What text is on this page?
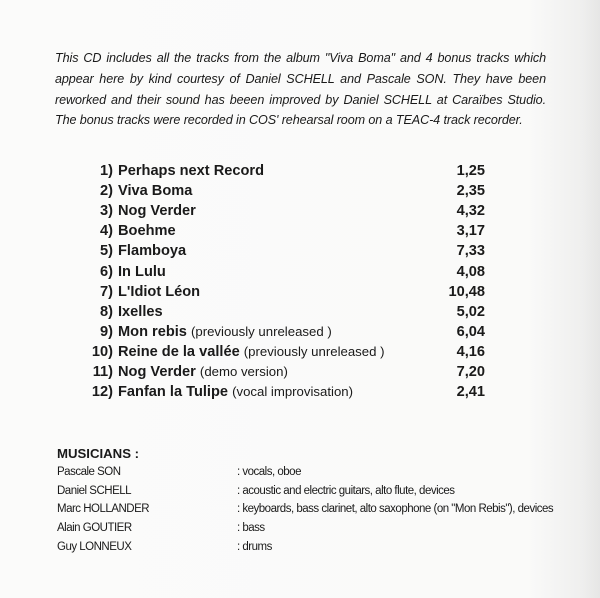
This CD includes all the tracks from the album "Viva Boma" and 4 bonus tracks which appear here by kind courtesy of Daniel SCHELL and Pascale SON. They have been reworked and their sound has beeen improved by Daniel SCHELL at Caraïbes Studio. The bonus tracks were recorded in COS' rehearsal room on a TEAC-4 track recorder.

1) Perhaps next Record	1,25
2) Viva Boma	2,35
3) Nog Verder	4,32
4) Boehme	3,17
5) Flamboya	7,33
6) In Lulu	4,08
7) L'Idiot Léon	10,48
8) Ixelles	5,02
9) Mon rebis (previously unreleased )	6,04
10) Reine de la vallée (previously unreleased )	4,16
11) Nog Verder (demo version)	7,20
12) Fanfan la Tulipe (vocal improvisation)	2,41
MUSICIANS :
Pascale SON	: vocals, oboe
Daniel SCHELL	: acoustic and electric guitars, alto flute, devices
Marc HOLLANDER	: keyboards, bass clarinet, alto saxophone (on "Mon Rebis"), devices
Alain GOUTIER	: bass
Guy LONNEUX	: drums
